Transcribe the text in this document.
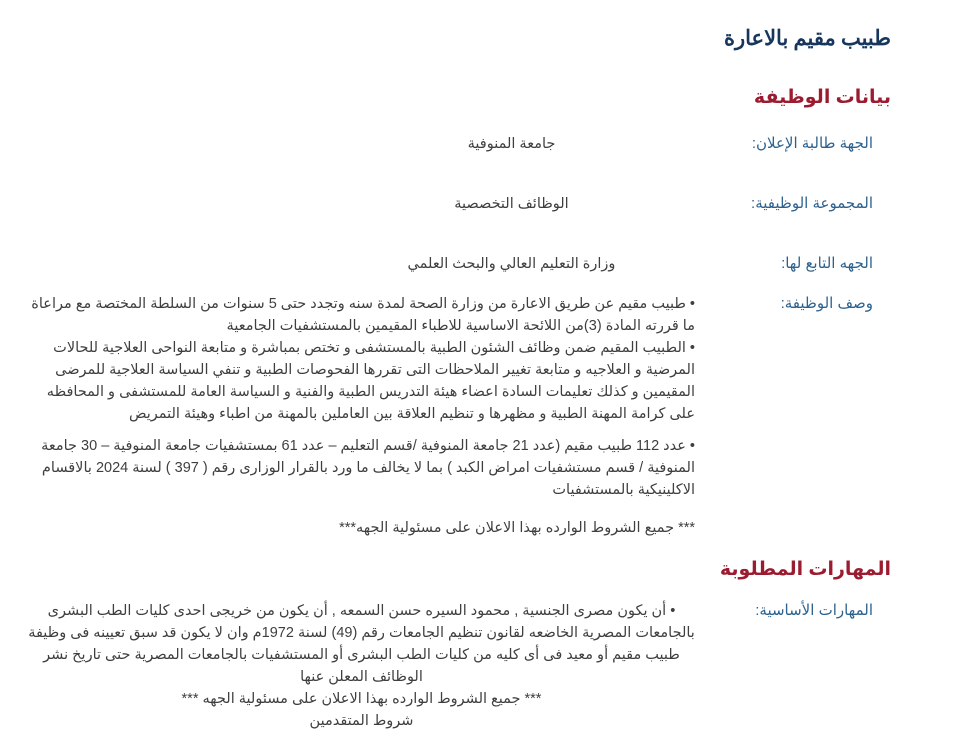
طبيب مقيم بالاعارة
بيانات الوظيفة
الجهة طالبة الإعلان:
جامعة المنوفية
المجموعة الوظيفية:
الوظائف التخصصية
الجهه التابع لها:
وزارة التعليم العالي والبحث العلمي
وصف الوظيفة:

• طبيب مقيم عن طريق الاعارة من وزارة الصحة لمدة سنه وتجدد حتى 5 سنوات من السلطة المختصة مع مراعاة ما قررته المادة (3)من اللائحة الاساسية للاطباء المقيمين بالمستشفيات الجامعية

• الطبيب المقيم ضمن وظائف الشئون الطبية بالمستشفى و تختص بمباشرة و متابعة النواحى العلاجية للحالات المرضية و العلاجيه و متابعة تغيير الملاحظات التى تقررها الفحوصات الطبية و تنفي السياسة العلاجية للمرضى المقيمين و كذلك تعليمات السادة اعضاء هيئة التدريس الطبية والفنية و السياسة العامة للمستشفى و المحافظه على كرامة المهنة الطبية و مظهرها و تنظيم العلاقة بين العاملين بالمهنة من اطباء وهيئة التمريض

• عدد 112 طبيب مقيم (عدد 21 جامعة المنوفية /قسم التعليم – عدد 61 بمستشفيات جامعة المنوفية – 30 جامعة المنوفية / قسم مستشفيات امراض الكبد ) بما لا يخالف ما ورد بالقرار الوزارى رقم ( 397 ) لسنة 2024 بالاقسام الاكلينيكية بالمستشفيات

*** جميع الشروط الوارده بهذا الاعلان على مسئولية الجهه***

المهارات المطلوبة
المهارات الأساسية:

• أن يكون مصرى الجنسية , محمود السيره حسن السمعه , أن يكون من خريجى احدى كليات الطب البشرى بالجامعات المصرية الخاضعه لقانون تنظيم الجامعات رقم (49) لسنة 1972م وان لا يكون قد سبق تعيينه فى وظيفة طبيب مقيم أو معيد فى أى كليه من كليات الطب البشرى أو المستشفيات بالجامعات المصرية حتى تاريخ نشر الوظائف المعلن عنها

*** جميع الشروط الوارده بهذا الاعلان على مسئولية الجهه ***

شروط المتقدمين
